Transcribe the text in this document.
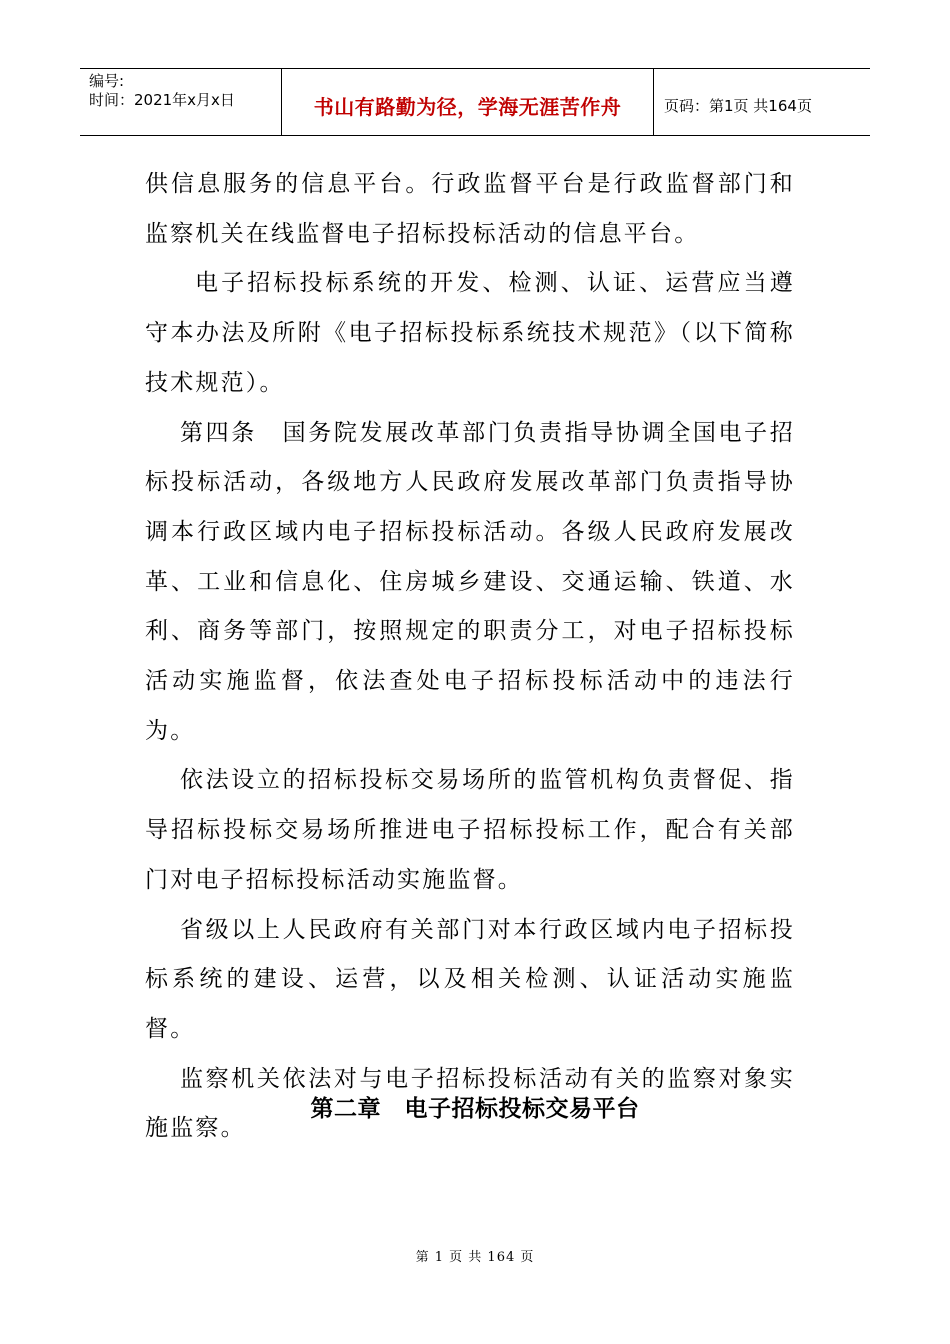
编号:
时间：2021年x月x日	书山有路勤为径，学海无涯苦作舟	页码：第1页 共164页

供信息服务的信息平台。行政监督平台是行政监督部门和监察机关在线监督电子招标投标活动的信息平台。

电子招标投标系统的开发、检测、认证、运营应当遵守本办法及所附《电子招标投标系统技术规范》（以下简称技术规范）。

第四条　国务院发展改革部门负责指导协调全国电子招标投标活动，各级地方人民政府发展改革部门负责指导协调本行政区域内电子招标投标活动。各级人民政府发展改革、工业和信息化、住房城乡建设、交通运输、铁道、水利、商务等部门，按照规定的职责分工，对电子招标投标活动实施监督，依法查处电子招标投标活动中的违法行为。

依法设立的招标投标交易场所的监管机构负责督促、指导招标投标交易场所推进电子招标投标工作，配合有关部门对电子招标投标活动实施监督。

省级以上人民政府有关部门对本行政区域内电子招标投标系统的建设、运营，以及相关检测、认证活动实施监督。

监察机关依法对与电子招标投标活动有关的监察对象实施监察。

第二章　电子招标投标交易平台
第 1 页 共 164 页
